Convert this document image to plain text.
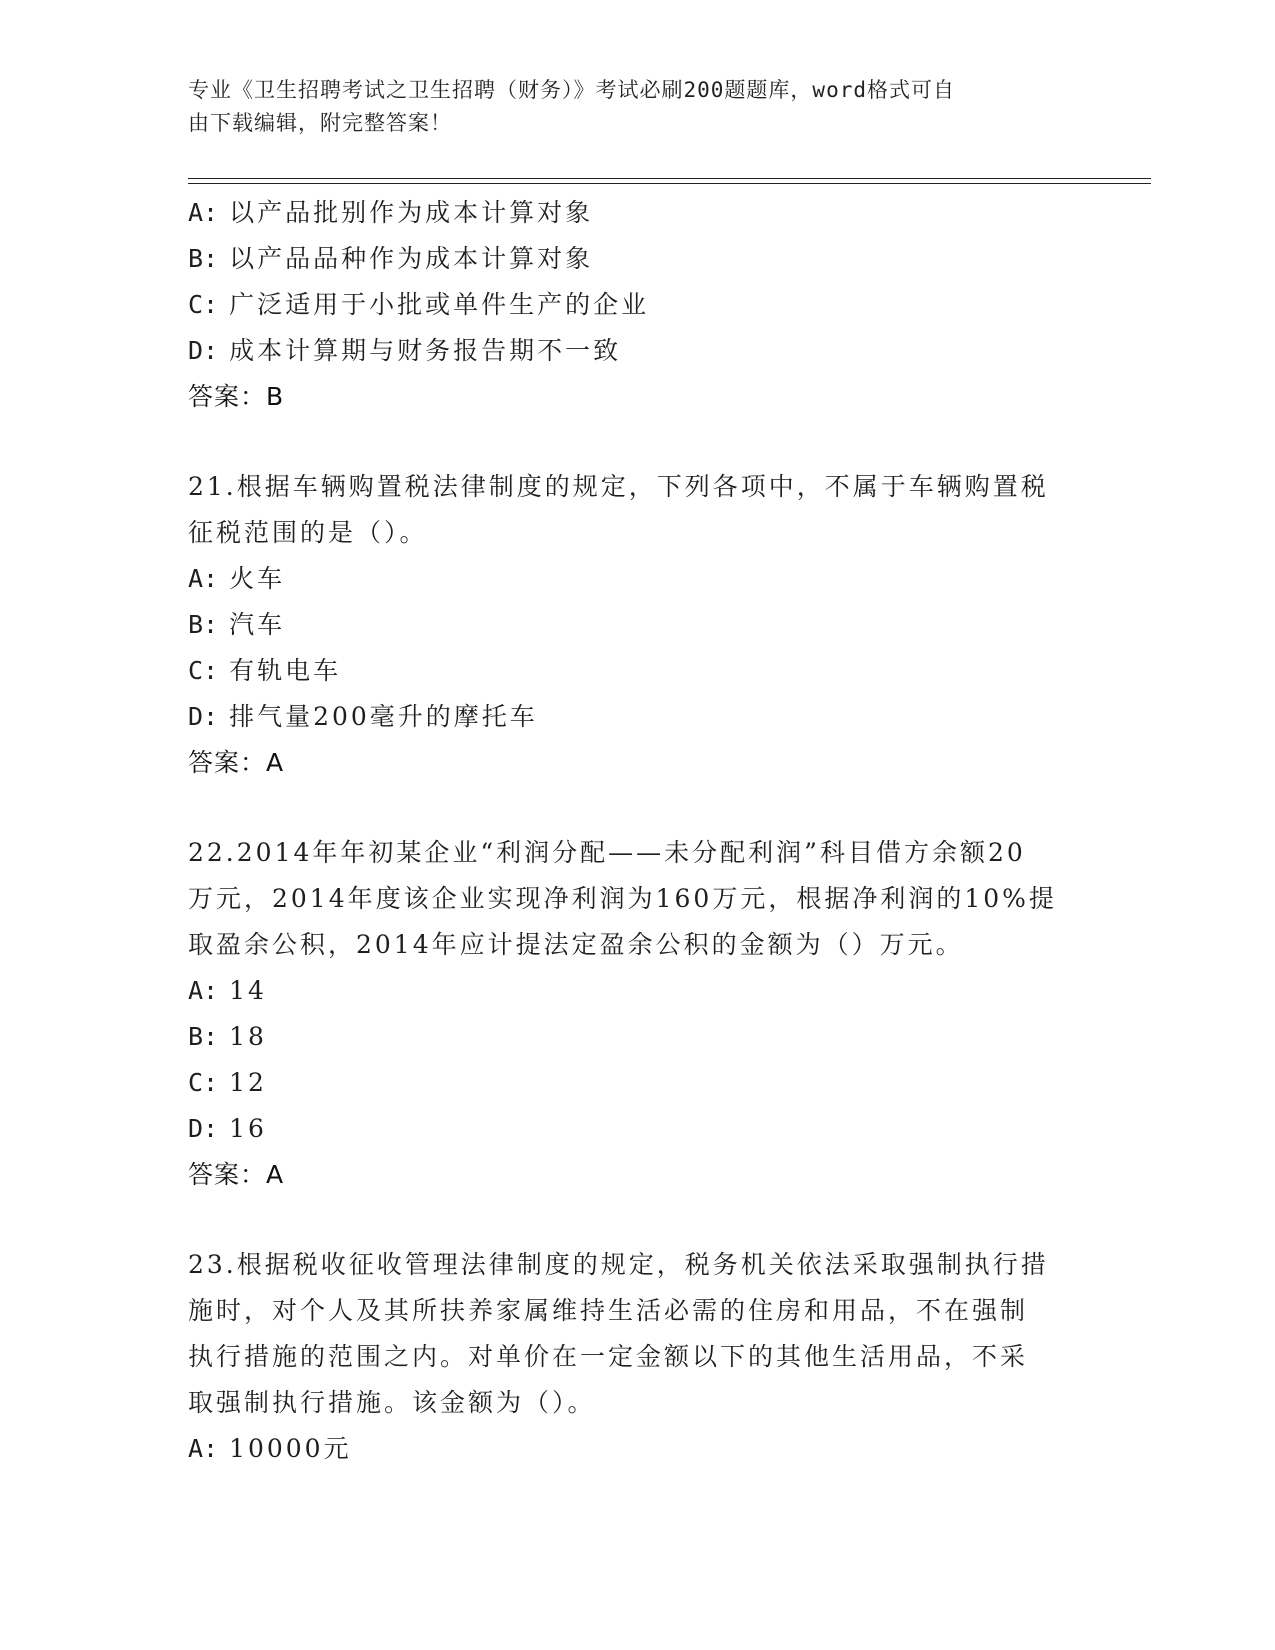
专业《卫生招聘考试之卫生招聘（财务）》考试必刷200题题库，word格式可自
由下载编辑，附完整答案！
A: 以产品批别作为成本计算对象
B: 以产品品种作为成本计算对象
C: 广泛适用于小批或单件生产的企业
D: 成本计算期与财务报告期不一致
答案：B
21.根据车辆购置税法律制度的规定，下列各项中，不属于车辆购置税
征税范围的是（）。
A: 火车
B: 汽车
C: 有轨电车
D: 排气量200毫升的摩托车
答案：A
22.2014年年初某企业“利润分配——未分配利润”科目借方余额20
万元，2014年度该企业实现净利润为160万元，根据净利润的10%提
取盈余公积，2014年应计提法定盈余公积的金额为（）万元。
A: 14
B: 18
C: 12
D: 16
答案：A
23.根据税收征收管理法律制度的规定，税务机关依法采取强制执行措
施时，对个人及其所扶养家属维持生活必需的住房和用品，不在强制
执行措施的范围之内。对单价在一定金额以下的其他生活用品，不采
取强制执行措施。该金额为（）。
A: 10000元
